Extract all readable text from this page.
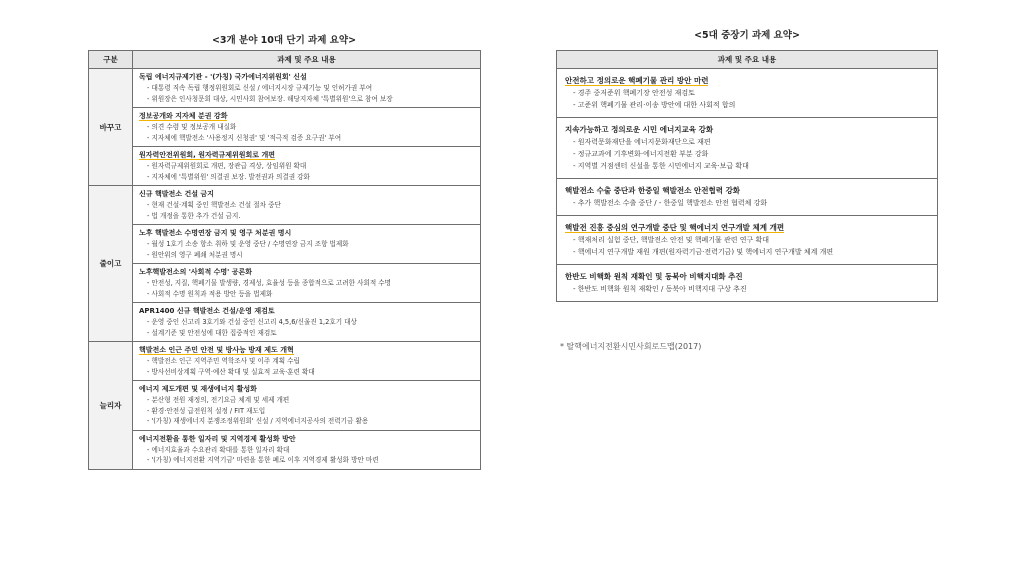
<3개 분야 10대 단기 과제 요약>
구분	과제 및 주요 내용
바꾸고	독립 에너지규제기관 - '(가칭) 국가에너지위원회' 신설
- 대통령 직속 독립 행정위원회로 신설 / 에너지시장 규제기능 및 인허가권 부여
- 위원장은 인사청문회 대상, 시민사회 참여보장. 해당지자체 '특별위원'으로 참여 보장

	정보공개와 지자체 분권 강화
- 의견 수렴 및 정보공개 내실화
- 지자체에 핵발전소 '사용정지 신청권' 및 '적극적 검증 요구권' 부여

	원자력안전위원회, 원자력규제위원회로 개편
- 원자력규제위원회로 개편, 장관급 격상, 상임위원 확대
- 지자체에 '특별위원' 의결권 보장. 발전권과 의결권 강화

줄이고	신규 핵발전소 건설 금지
- 현재 건설·계획 중인 핵발전소 건설 절차 중단
- 법 개정을 통한 추가 건설 금지.

	노후 핵발전소 수명연장 금지 및 영구 처분권 명시
- 월성 1호기 소송 항소 취하 및 운영 중단 / 수명연장 금지 조항 법제화
- 원안위의 영구 폐쇄 처분권 명시

	노후핵발전소의 '사회적 수명' 공론화
- 안전성, 지질, 핵폐기물 발생량, 경제성, 효율성 등을 종합적으로 고려한 사회적 수명
- 사회적 수명 원칙과 적용 방안 등을 법제화

	APR1400 신규 핵발전소 건설/운영 재검토
- 운영 중인 신고리 3호기와 건설 중인 신고리 4,5,6/신울진 1,2호기 대상
- 설계기준 및 안전성에 대한 집중적인 재검토

늘리자	핵발전소 인근 주민 안전 및 방사능 방재 제도 개혁
- 핵발전소 인근 지역주민 역학조사 및 이주 계획 수립
- 방사선비상계획 구역·예산 확대 및 실효적 교육·훈련 확대

	에너지 제도개편 및 재생에너지 활성화
- 분산형 전원 재정의, 전기요금 체계 및 세제 개편
- 환경·안전성 급전원칙 설정 / FIT 재도입
- '(가칭) 재생에너지 분쟁조정위원회' 신설 / 지역에너지공사의 전력기금 활용

	에너지전환을 통한 일자리 및 지역경제 활성화 방안
- 에너지효율과 수요관리 확대를 통한 일자리 확대
- '(가칭) 에너지전환 지역기금' 마련을 통한 폐로 이후 지역경제 활성화 방안 마련
<5대 중장기 과제 요약>
과제 및 주요 내용

안전하고 정의로운 핵폐기물 관리 방안 마련
- 경주 중저준위 핵폐기장 안전성 재검토
- 고준위 핵폐기물 관리·이송 방안에 대한 사회적 합의

지속가능하고 정의로운 시민 에너지교육 강화
- 원자력문화재단을 에너지문화재단으로 재편
- 정규교과에 기후변화·에너지전환 부분 강화
- 지역별 거점센터 신설을 통한 시민에너지 교육·보급 확대

핵발전소 수출 중단과 한중일 핵발전소 안전협력 강화
- 추가 핵발전소 수출 중단 / - 한중일 핵발전소 안전 협력체 강화

핵발전 진흥 중심의 연구개발 중단 및 핵에너지 연구개발 체계 개편
- 핵재처리 실험 중단, 핵발전소 안전 및 핵폐기물 관련 연구 확대
- 핵에너지 연구개발 재원 개편(원자력기금·전력기금) 및 핵에너지 연구개발 체계 개편

한반도 비핵화 원칙 재확인 및 동북아 비핵지대화 추진
- 한반도 비핵화 원칙 재확인 / 동북아 비핵지대 구상 추진
* 탈핵에너지전환시민사회로드맵(2017)
